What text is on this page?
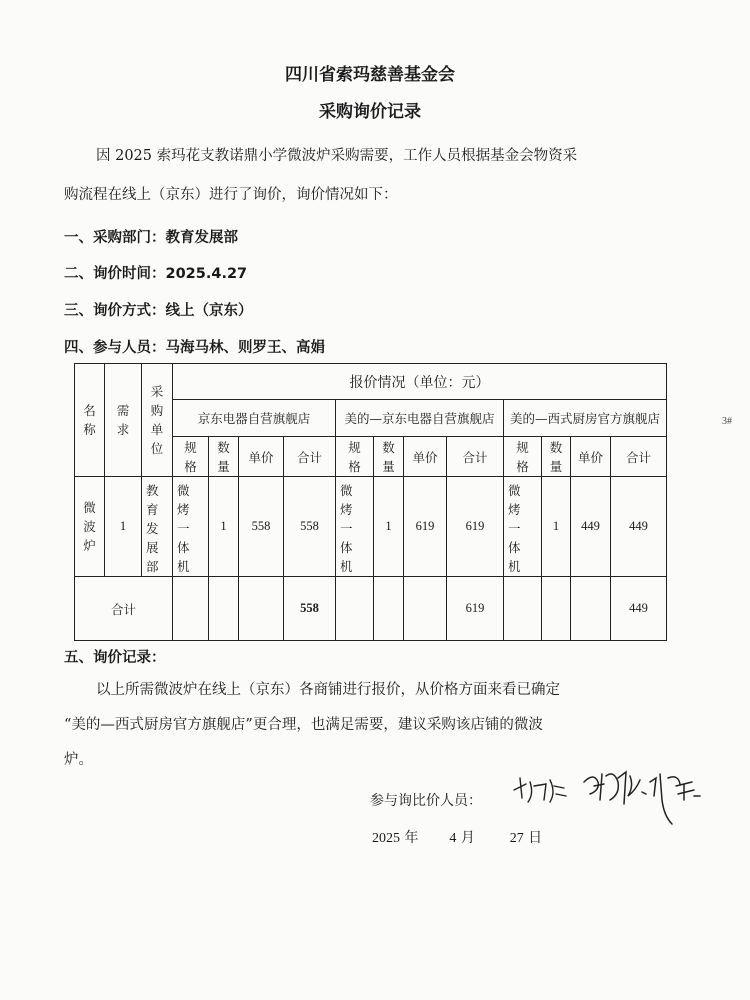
四川省索玛慈善基金会
采购询价记录
因 2025 索玛花支教诺鼎小学微波炉采购需要，工作人员根据基金会物资采
购流程在线上（京东）进行了询价，询价情况如下：
一、采购部门：教育发展部
二、询价时间：2025.4.27
三、询价方式：线上（京东）
四、参与人员：马海马林、则罗王、高娟
名称	需求	采购单位	报价情况（单位：元）											
			京东电器自营旗舰店				美的—京东电器自营旗舰店				美的—西式厨房官方旗舰店			
			规格	数量	单价	合计	规格	数量	单价	合计	规格	数量	单价	合计
微波炉	1	教育发展部	微烤一体机	1	558	558	微烤一体机	1	619	619	微烤一体机	1	449	449
合计						558				619				449
五、询价记录：
以上所需微波炉在线上（京东）各商铺进行报价，从价格方面来看已确定
“美的—西式厨房官方旗舰店”更合理，也满足需要，建议采购该店铺的微波
炉。
参与询比价人员：
2025 年 4 月 27 日
3#
